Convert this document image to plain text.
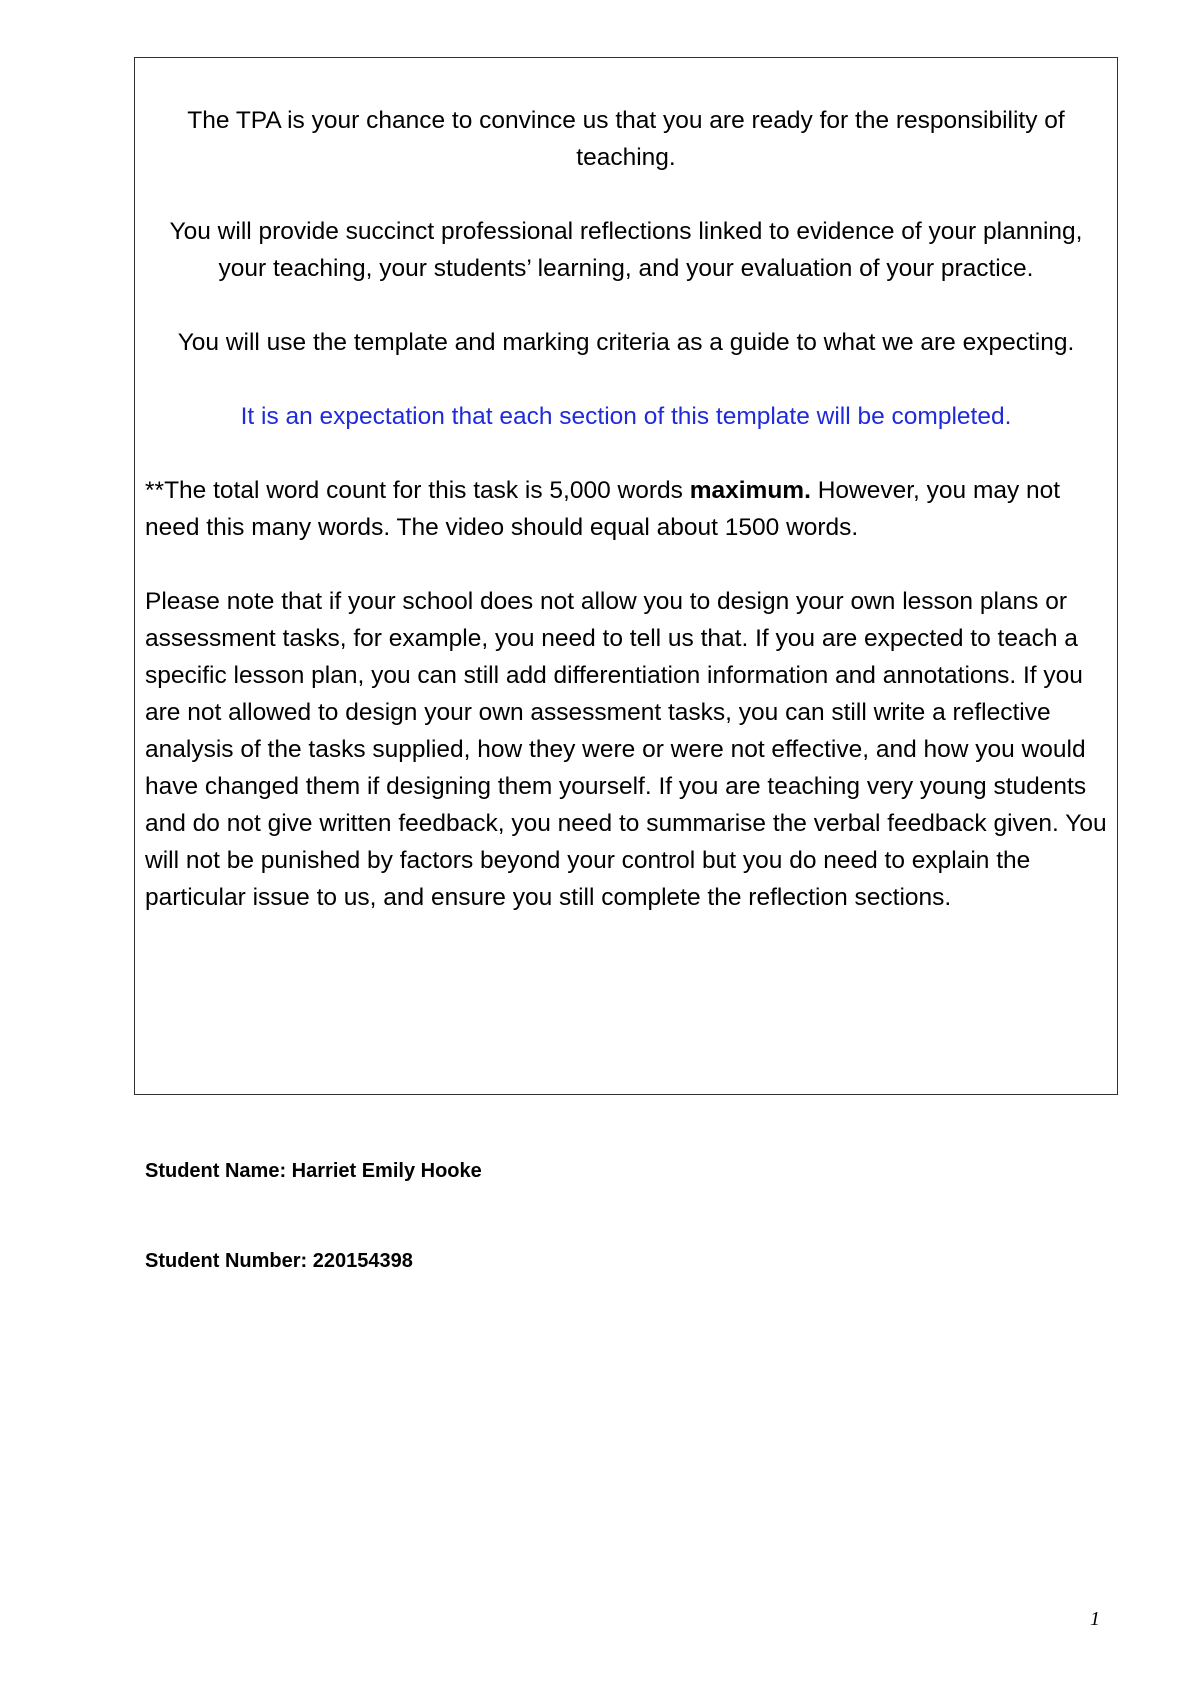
The TPA is your chance to convince us that you are ready for the responsibility of teaching.

You will provide succinct professional reflections linked to evidence of your planning, your teaching, your students’ learning, and your evaluation of your practice.

You will use the template and marking criteria as a guide to what we are expecting.

It is an expectation that each section of this template will be completed.

**The total word count for this task is 5,000 words maximum. However, you may not need this many words. The video should equal about 1500 words.

Please note that if your school does not allow you to design your own lesson plans or assessment tasks, for example, you need to tell us that. If you are expected to teach a specific lesson plan, you can still add differentiation information and annotations. If you are not allowed to design your own assessment tasks, you can still write a reflective analysis of the tasks supplied, how they were or were not effective, and how you would have changed them if designing them yourself. If you are teaching very young students and do not give written feedback, you need to summarise the verbal feedback given. You will not be punished by factors beyond your control but you do need to explain the particular issue to us, and ensure you still complete the reflection sections.

Student Name: Harriet Emily Hooke

Student Number: 220154398

1
